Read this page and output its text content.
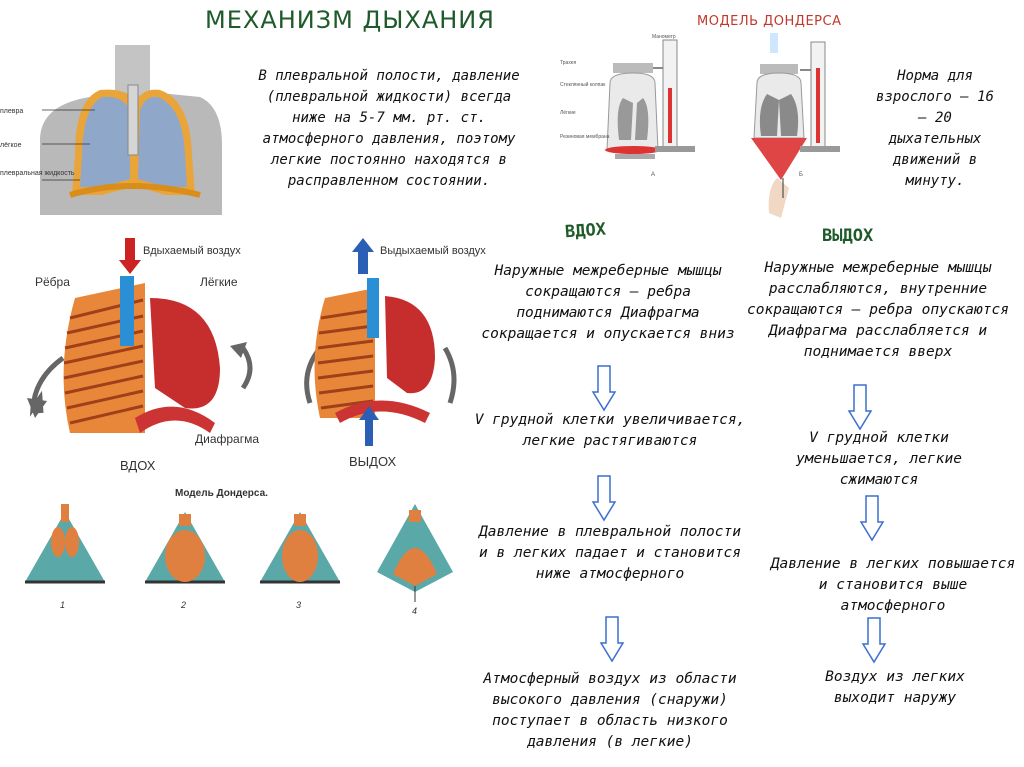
МЕХАНИЗМ ДЫХАНИЯ	МОДЕЛЬ ДОНДЕРСА
плевра
лёгкое
плевральная жидкость
В плевральной полости, давление (плевральной жидкости) всегда ниже на 5-7 мм. рт. ст. атмосферного давления, поэтому легкие постоянно находятся в расправленном состоянии.
Трахея
Стеклянный колпак
Лёгкие
Резиновая мембрана
Манометр
А	Б
Норма для взрослого – 16 – 20 дыхательных движений в минуту.
Вдыхаемый воздух
Рёбра	Лёгкие
Диафрагма
ВДОХ
Выдыхаемый воздух
ВЫДОХ
Модель Дондерса.
1	2	3
4
ВДОХ	ВЫДОХ
Наружные межреберные мышцы сокращаются – ребра поднимаются Диафрагма сокращается и опускается вниз
V грудной клетки увеличивается, легкие растягиваются
Давление в плевральной полости и в легких падает и становится ниже атмосферного
Атмосферный воздух из области высокого давления (снаружи) поступает в область низкого давления (в легкие)
Наружные межреберные мышцы расслабляются, внутренние сокращаются – ребра опускаются Диафрагма расслабляется и поднимается вверх
V грудной клетки уменьшается, легкие сжимаются
Давление в легких повышается и становится выше атмосферного
Воздух из легких выходит наружу
